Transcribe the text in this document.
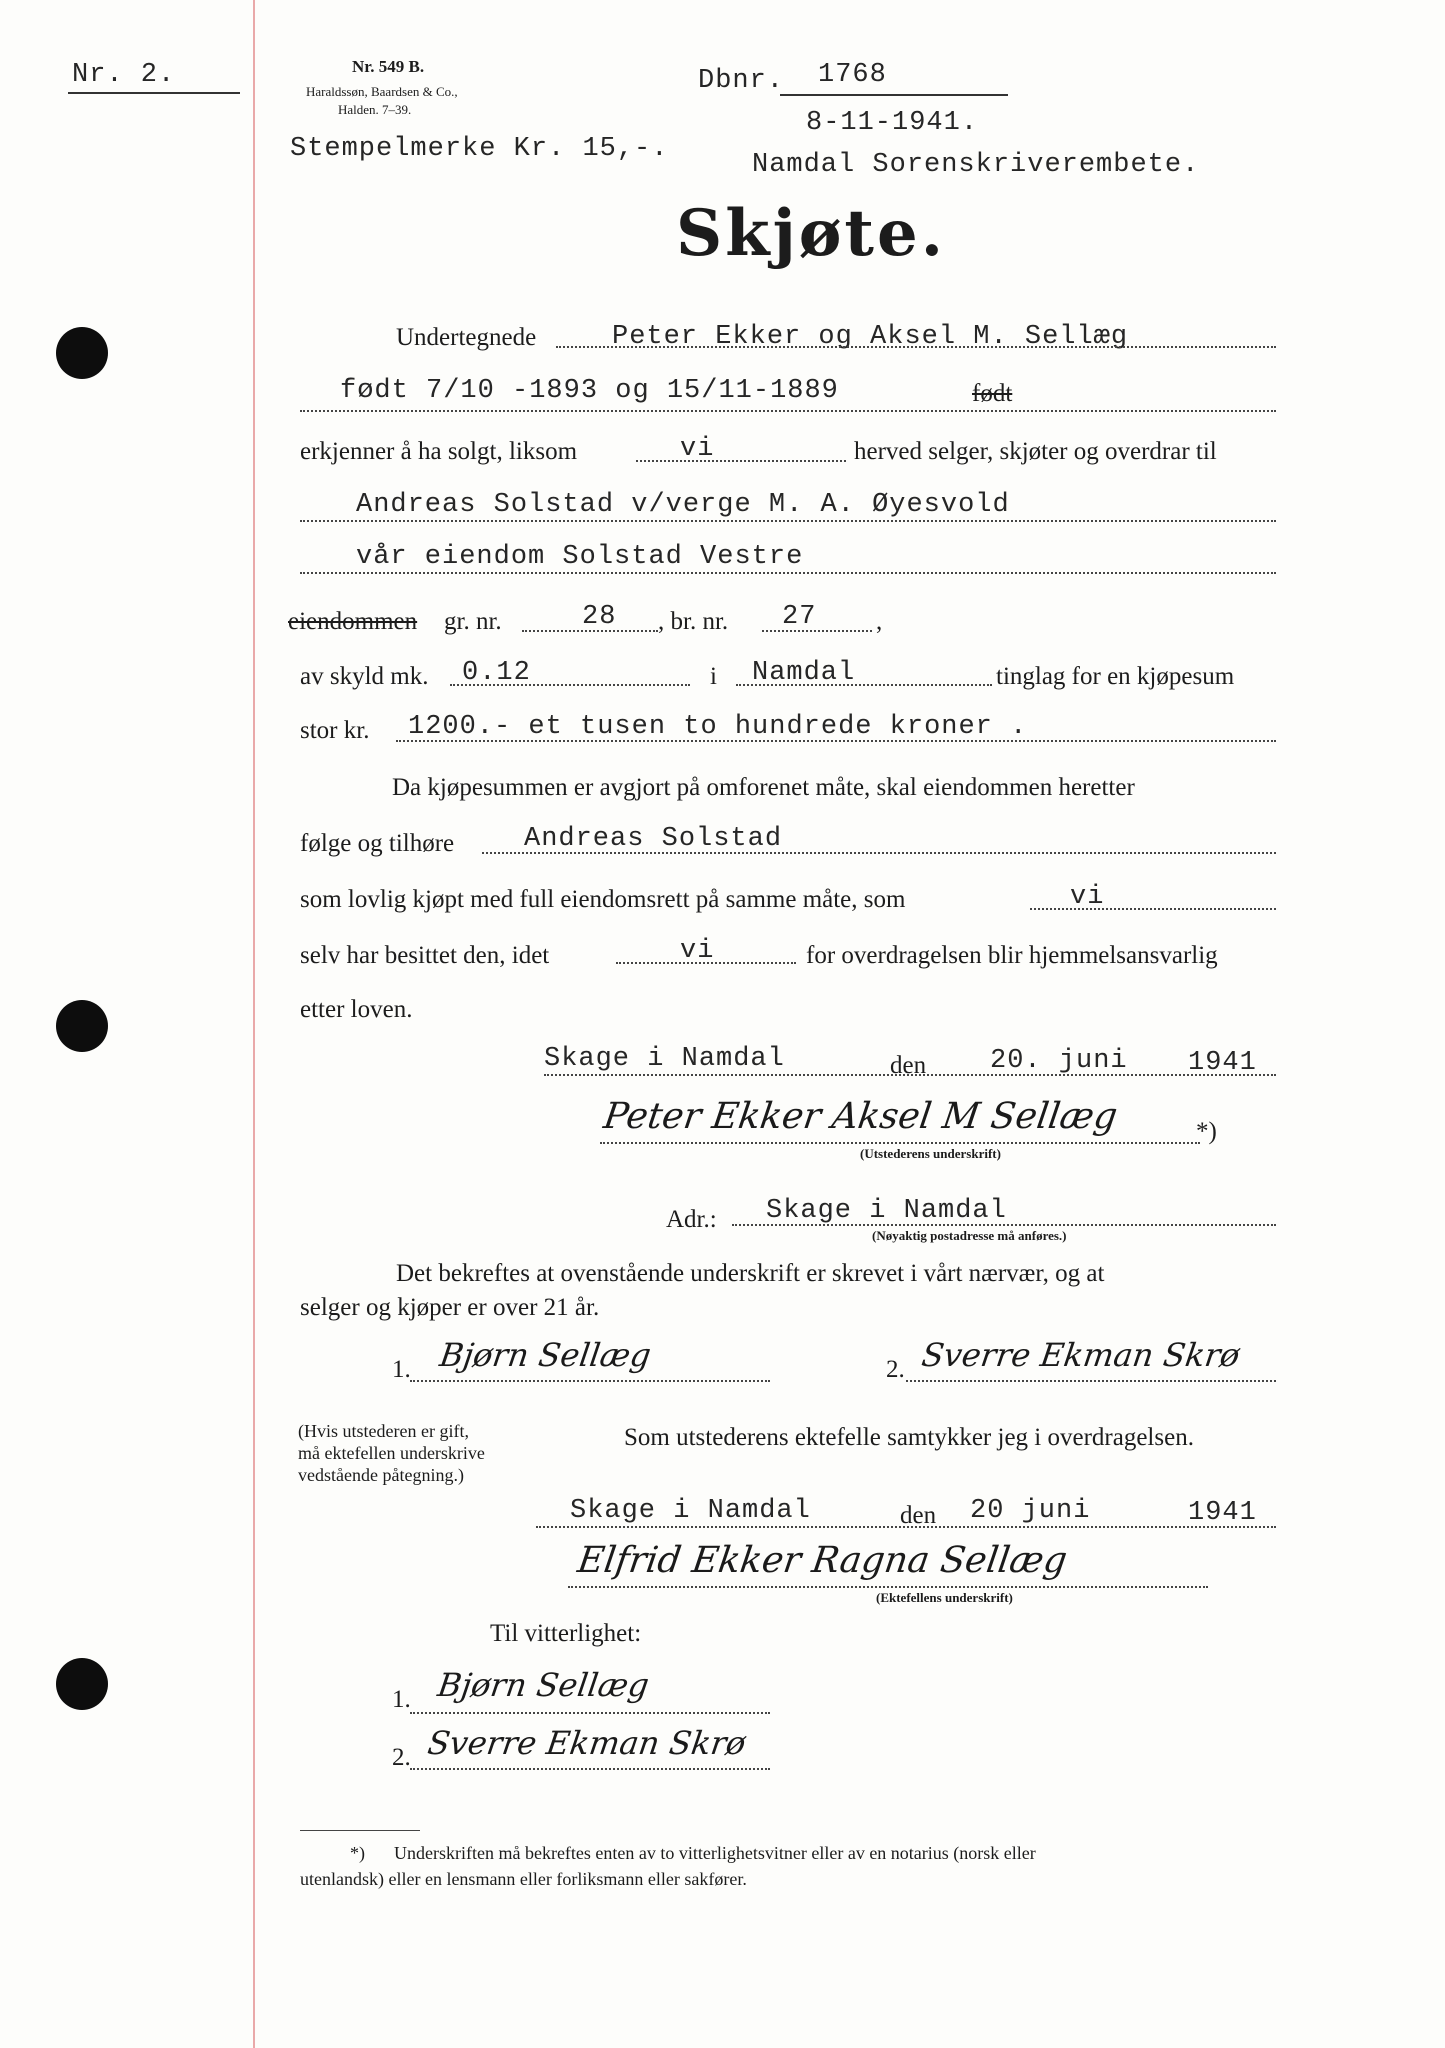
Nr. 2.	Nr. 549 B.
Haraldssøn, Baardsen & Co.,
Halden. 7–39.
Stempelmerke Kr. 15,-.
Dbnr. 1768
8-11-1941.
Namdal Sorenskriverembete.
Skjøte.
Undertegnede	Peter Ekker og Aksel M. Sellæg
født 7/10 -1893 og 15/11-1889	født
erkjenner å ha solgt, liksom	vi	herved selger, skjøter og overdrar til
Andreas Solstad v/verge M. A. Øyesvold
vår eiendom Solstad Vestre
eiendommen gr. nr.	28 , br. nr. 27 ,
av skyld mk. 0.12	i Namdal	tinglag for en kjøpesum
stor kr. 1200.- et tusen to hundrede kroner .
Da kjøpesummen er avgjort på omforenet måte, skal eiendommen heretter
følge og tilhøre	Andreas Solstad
som lovlig kjøpt med full eiendomsrett på samme måte, som	vi
selv har besittet den, idet	vi	for overdragelsen blir hjemmelsansvarlig
etter loven.
Skage i Namdal	den 20. juni 1941
Peter Ekker Aksel M Sellæg	*)
(Utstederens underskrift)
Adr.: Skage i Namdal
(Nøyaktig postadresse må anføres.)
Det bekreftes at ovenstående underskrift er skrevet i vårt nærvær, og at
selger og kjøper er over 21 år.
1. Bjørn Sellæg	2. Sverre Ekman Skrø
(Hvis utstederen er gift,
må ektefellen underskrive
vedstående påtegning.)
Som utstederens ektefelle samtykker jeg i overdragelsen.
Skage i Namdal	den 20 juni	1941
Elfrid Ekker Ragna Sellæg
(Ektefellens underskrift)
Til vitterlighet:
1. Bjørn Sellæg
2. Sverre Ekman Skrø
*) Underskriften må bekreftes enten av to vitterlighetsvitner eller av en notarius (norsk eller
utenlandsk) eller en lensmann eller forliksmann eller sakfører.
